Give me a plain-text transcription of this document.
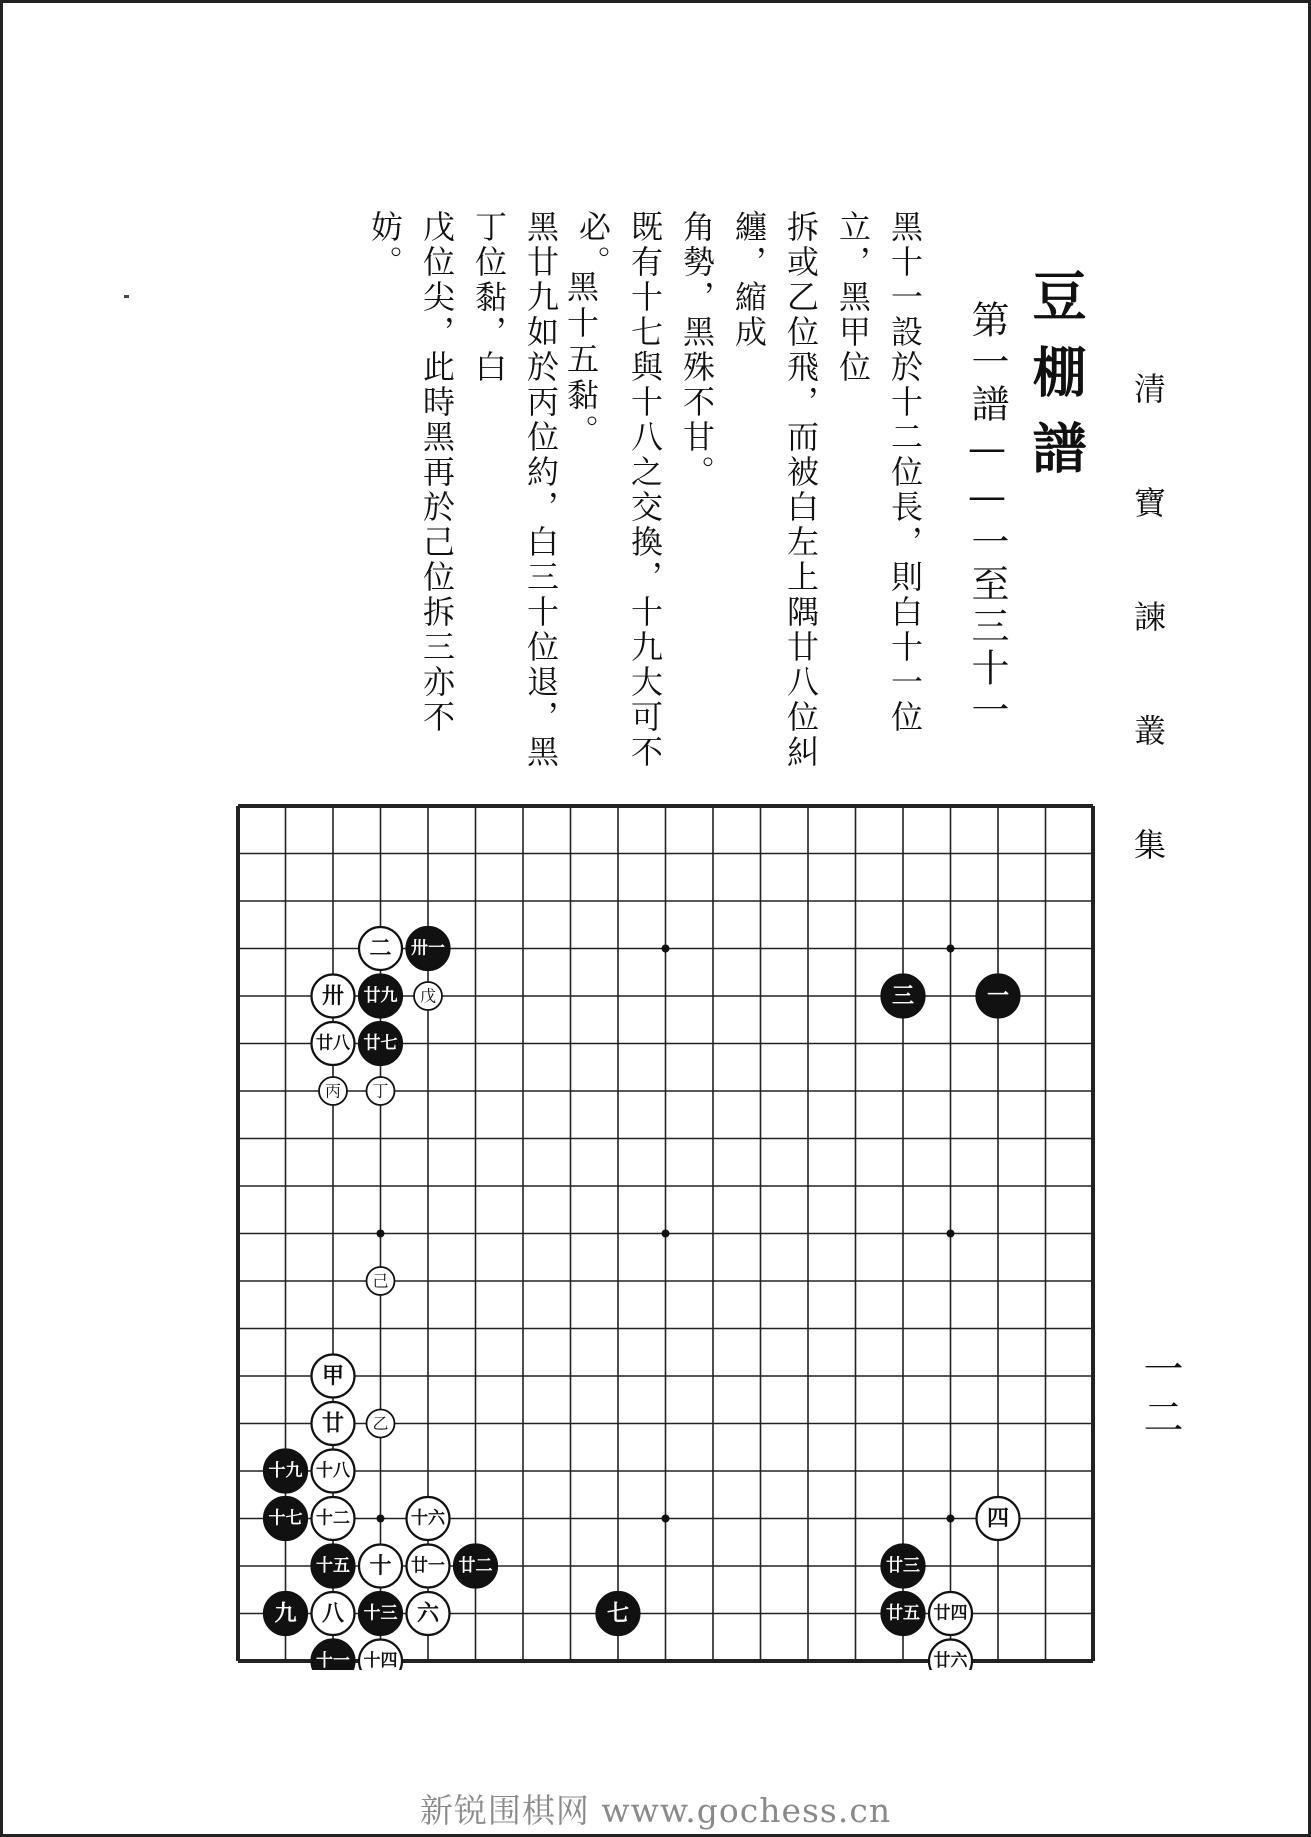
清 寶 諫 叢 集
豆棚譜
第一譜——一至三十一
黑十一設於十二位長，則白十一位立，黑甲位
拆或乙位飛，而被白左上隅廿八位糾纏，縮成
角勢，黑殊不甘。
既有十七與十八之交換，十九大可不必。
黑廿九如於丙位約，白三十位退，黑丁位黏，白
戊位尖，此時黑再於己位拆三亦不妨。
黑十五黏。
一二
卅一
二
卅 廿九
廿八 廿七
三	一
甲
廿
十九 十八
十七 十二	十六
十五 十 廿一 廿二
九 八 十三 六
十一 十四
七
四
廿三
廿五 廿四
廿六
戊
丙 丁
己
乙
新锐围棋网 www.gochess.cn
